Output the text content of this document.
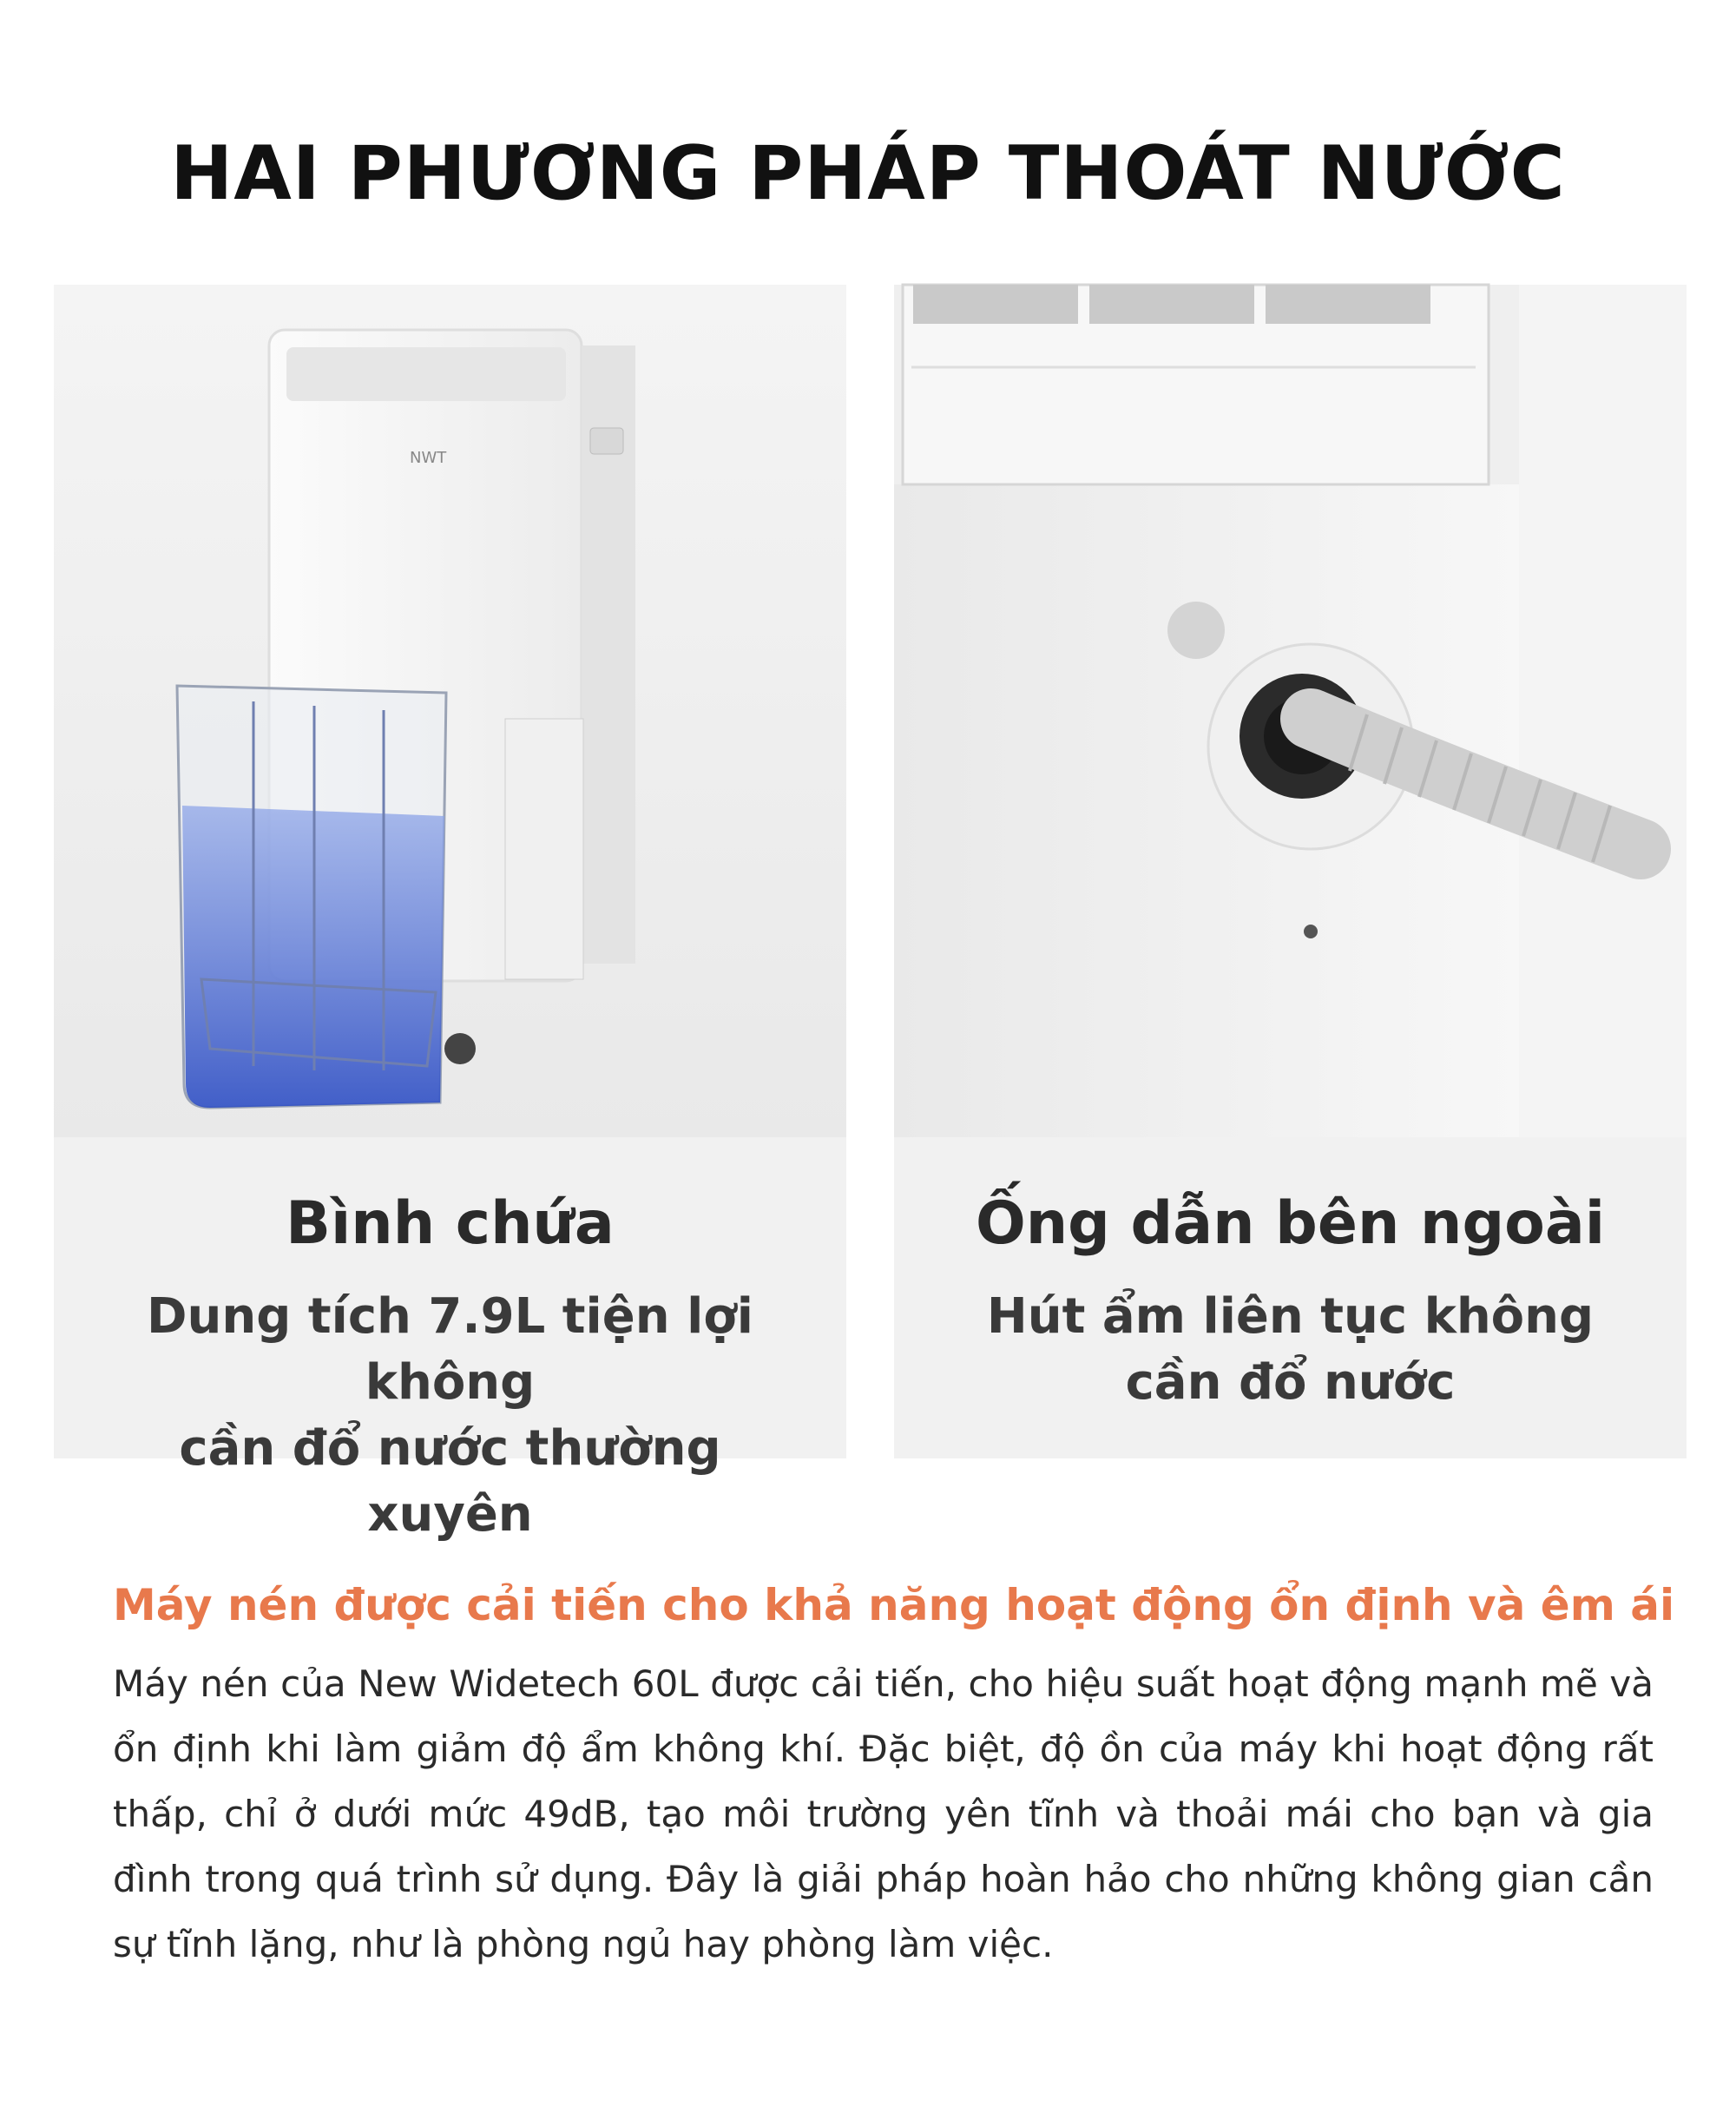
HAI PHƯƠNG PHÁP THOÁT NƯỚC
NWT
Bình chứa
Dung tích 7.9L tiện lợi không
cần đổ nước thường xuyên
Ống dẫn bên ngoài
Hút ẩm liên tục không
cần đổ nước
Máy nén được cải tiến cho khả năng hoạt động ổn định và êm ái
Máy nén của New Widetech 60L được cải tiến, cho hiệu suất hoạt động mạnh mẽ và ổn định khi làm giảm độ ẩm không khí. Đặc biệt, độ ồn của máy khi hoạt động rất thấp, chỉ ở dưới mức 49dB, tạo môi trường yên tĩnh và thoải mái cho bạn và gia đình trong quá trình sử dụng. Đây là giải pháp hoàn hảo cho những không gian cần sự tĩnh lặng, như là phòng ngủ hay phòng làm việc.
